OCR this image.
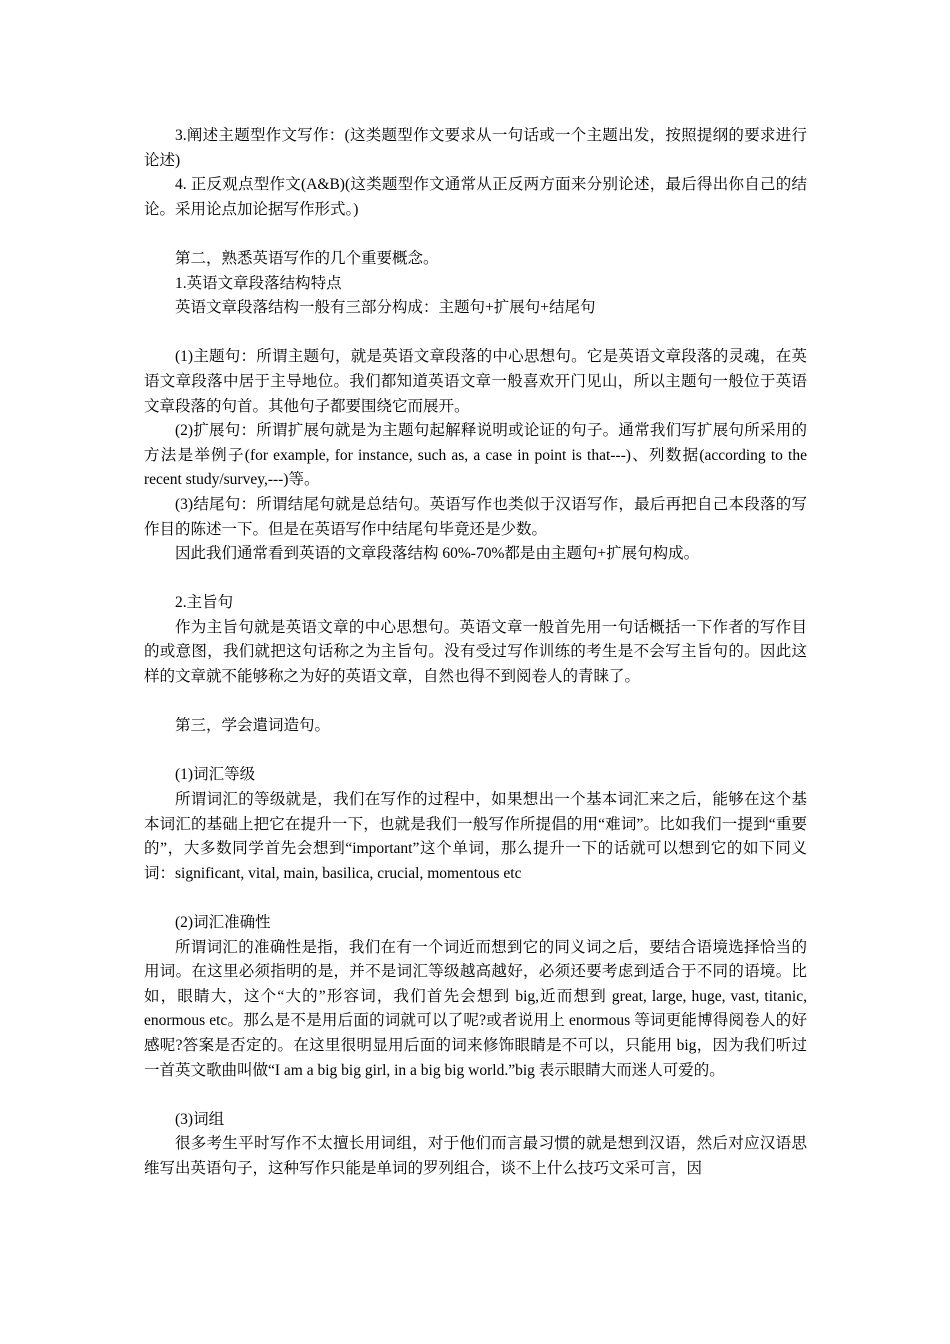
3.阐述主题型作文写作：(这类题型作文要求从一句话或一个主题出发，按照提纲的要求进行论述)

4. 正反观点型作文(A&B)(这类题型作文通常从正反两方面来分别论述，最后得出你自己的结论。采用论点加论据写作形式。)

第二，熟悉英语写作的几个重要概念。

1.英语文章段落结构特点

英语文章段落结构一般有三部分构成：主题句+扩展句+结尾句

(1)主题句：所谓主题句，就是英语文章段落的中心思想句。它是英语文章段落的灵魂，在英语文章段落中居于主导地位。我们都知道英语文章一般喜欢开门见山，所以主题句一般位于英语文章段落的句首。其他句子都要围绕它而展开。

(2)扩展句：所谓扩展句就是为主题句起解释说明或论证的句子。通常我们写扩展句所采用的方法是举例子(for example, for instance, such as, a case in point is that---)、列数据(according to the recent study/survey,---)等。

(3)结尾句：所谓结尾句就是总结句。英语写作也类似于汉语写作，最后再把自己本段落的写作目的陈述一下。但是在英语写作中结尾句毕竟还是少数。

因此我们通常看到英语的文章段落结构 60%-70%都是由主题句+扩展句构成。

2.主旨句

作为主旨句就是英语文章的中心思想句。英语文章一般首先用一句话概括一下作者的写作目的或意图，我们就把这句话称之为主旨句。没有受过写作训练的考生是不会写主旨句的。因此这样的文章就不能够称之为好的英语文章，自然也得不到阅卷人的青睐了。

第三，学会遣词造句。

(1)词汇等级

所谓词汇的等级就是，我们在写作的过程中，如果想出一个基本词汇来之后，能够在这个基本词汇的基础上把它在提升一下，也就是我们一般写作所提倡的用“难词”。比如我们一提到“重要的”，大多数同学首先会想到“important”这个单词，那么提升一下的话就可以想到它的如下同义词：significant, vital, main, basilica, crucial, momentous etc

(2)词汇准确性

所谓词汇的准确性是指，我们在有一个词近而想到它的同义词之后，要结合语境选择恰当的用词。在这里必须指明的是，并不是词汇等级越高越好，必须还要考虑到适合于不同的语境。比如，眼睛大，这个“大的”形容词，我们首先会想到 big,近而想到 great, large, huge, vast, titanic, enormous etc。那么是不是用后面的词就可以了呢?或者说用上 enormous 等词更能博得阅卷人的好感呢?答案是否定的。在这里很明显用后面的词来修饰眼睛是不可以，只能用 big，因为我们听过一首英文歌曲叫做“I am a big big girl, in a big big world.”big 表示眼睛大而迷人可爱的。

(3)词组

很多考生平时写作不太擅长用词组，对于他们而言最习惯的就是想到汉语，然后对应汉语思维写出英语句子，这种写作只能是单词的罗列组合，谈不上什么技巧文采可言，因
